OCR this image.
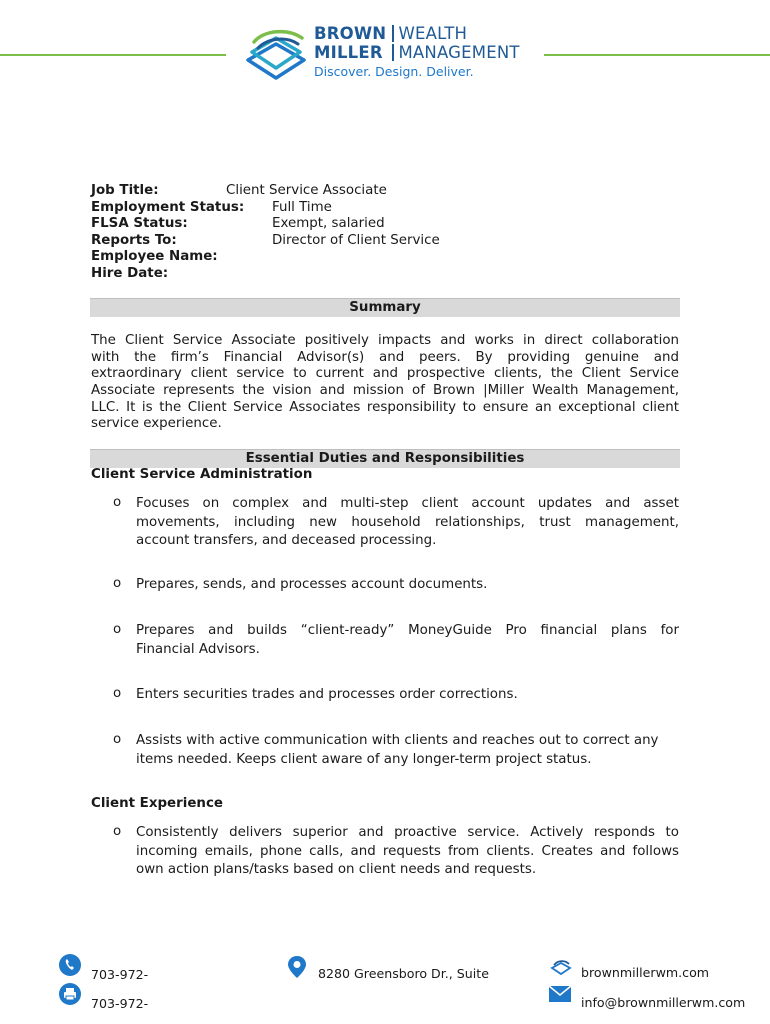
BROWN WEALTH
MILLER MANAGEMENT
Discover. Design. Deliver.
Job Title:	Client Service Associate
Employment Status: Full Time
FLSA Status:	Exempt, salaried
Reports To:	Director of Client Service
Employee Name:
Hire Date:
Summary
The Client Service Associate positively impacts and works in direct collaboration
with the firm’s Financial Advisor(s) and peers. By providing genuine and
extraordinary client service to current and prospective clients, the Client Service
Associate represents the vision and mission of Brown |Miller Wealth Management,
LLC. It is the Client Service Associates responsibility to ensure an exceptional client
service experience.
Essential Duties and Responsibilities
Client Service Administration
o Focuses on complex and multi-step client account updates and asset
movements, including new household relationships, trust management,
account transfers, and deceased processing.
o Prepares, sends, and processes account documents.
o Prepares and builds “client-ready” MoneyGuide Pro financial plans for
Financial Advisors.
o Enters securities trades and processes order corrections.
o Assists with active communication with clients and reaches out to correct any
items needed. Keeps client aware of any longer-term project status.
Client Experience
o Consistently delivers superior and proactive service. Actively responds to
incoming emails, phone calls, and requests from clients. Creates and follows
own action plans/tasks based on client needs and requests.
703-972-
703-972-
8280 Greensboro Dr., Suite	brownmillerwm.com
info@brownmillerwm.com
